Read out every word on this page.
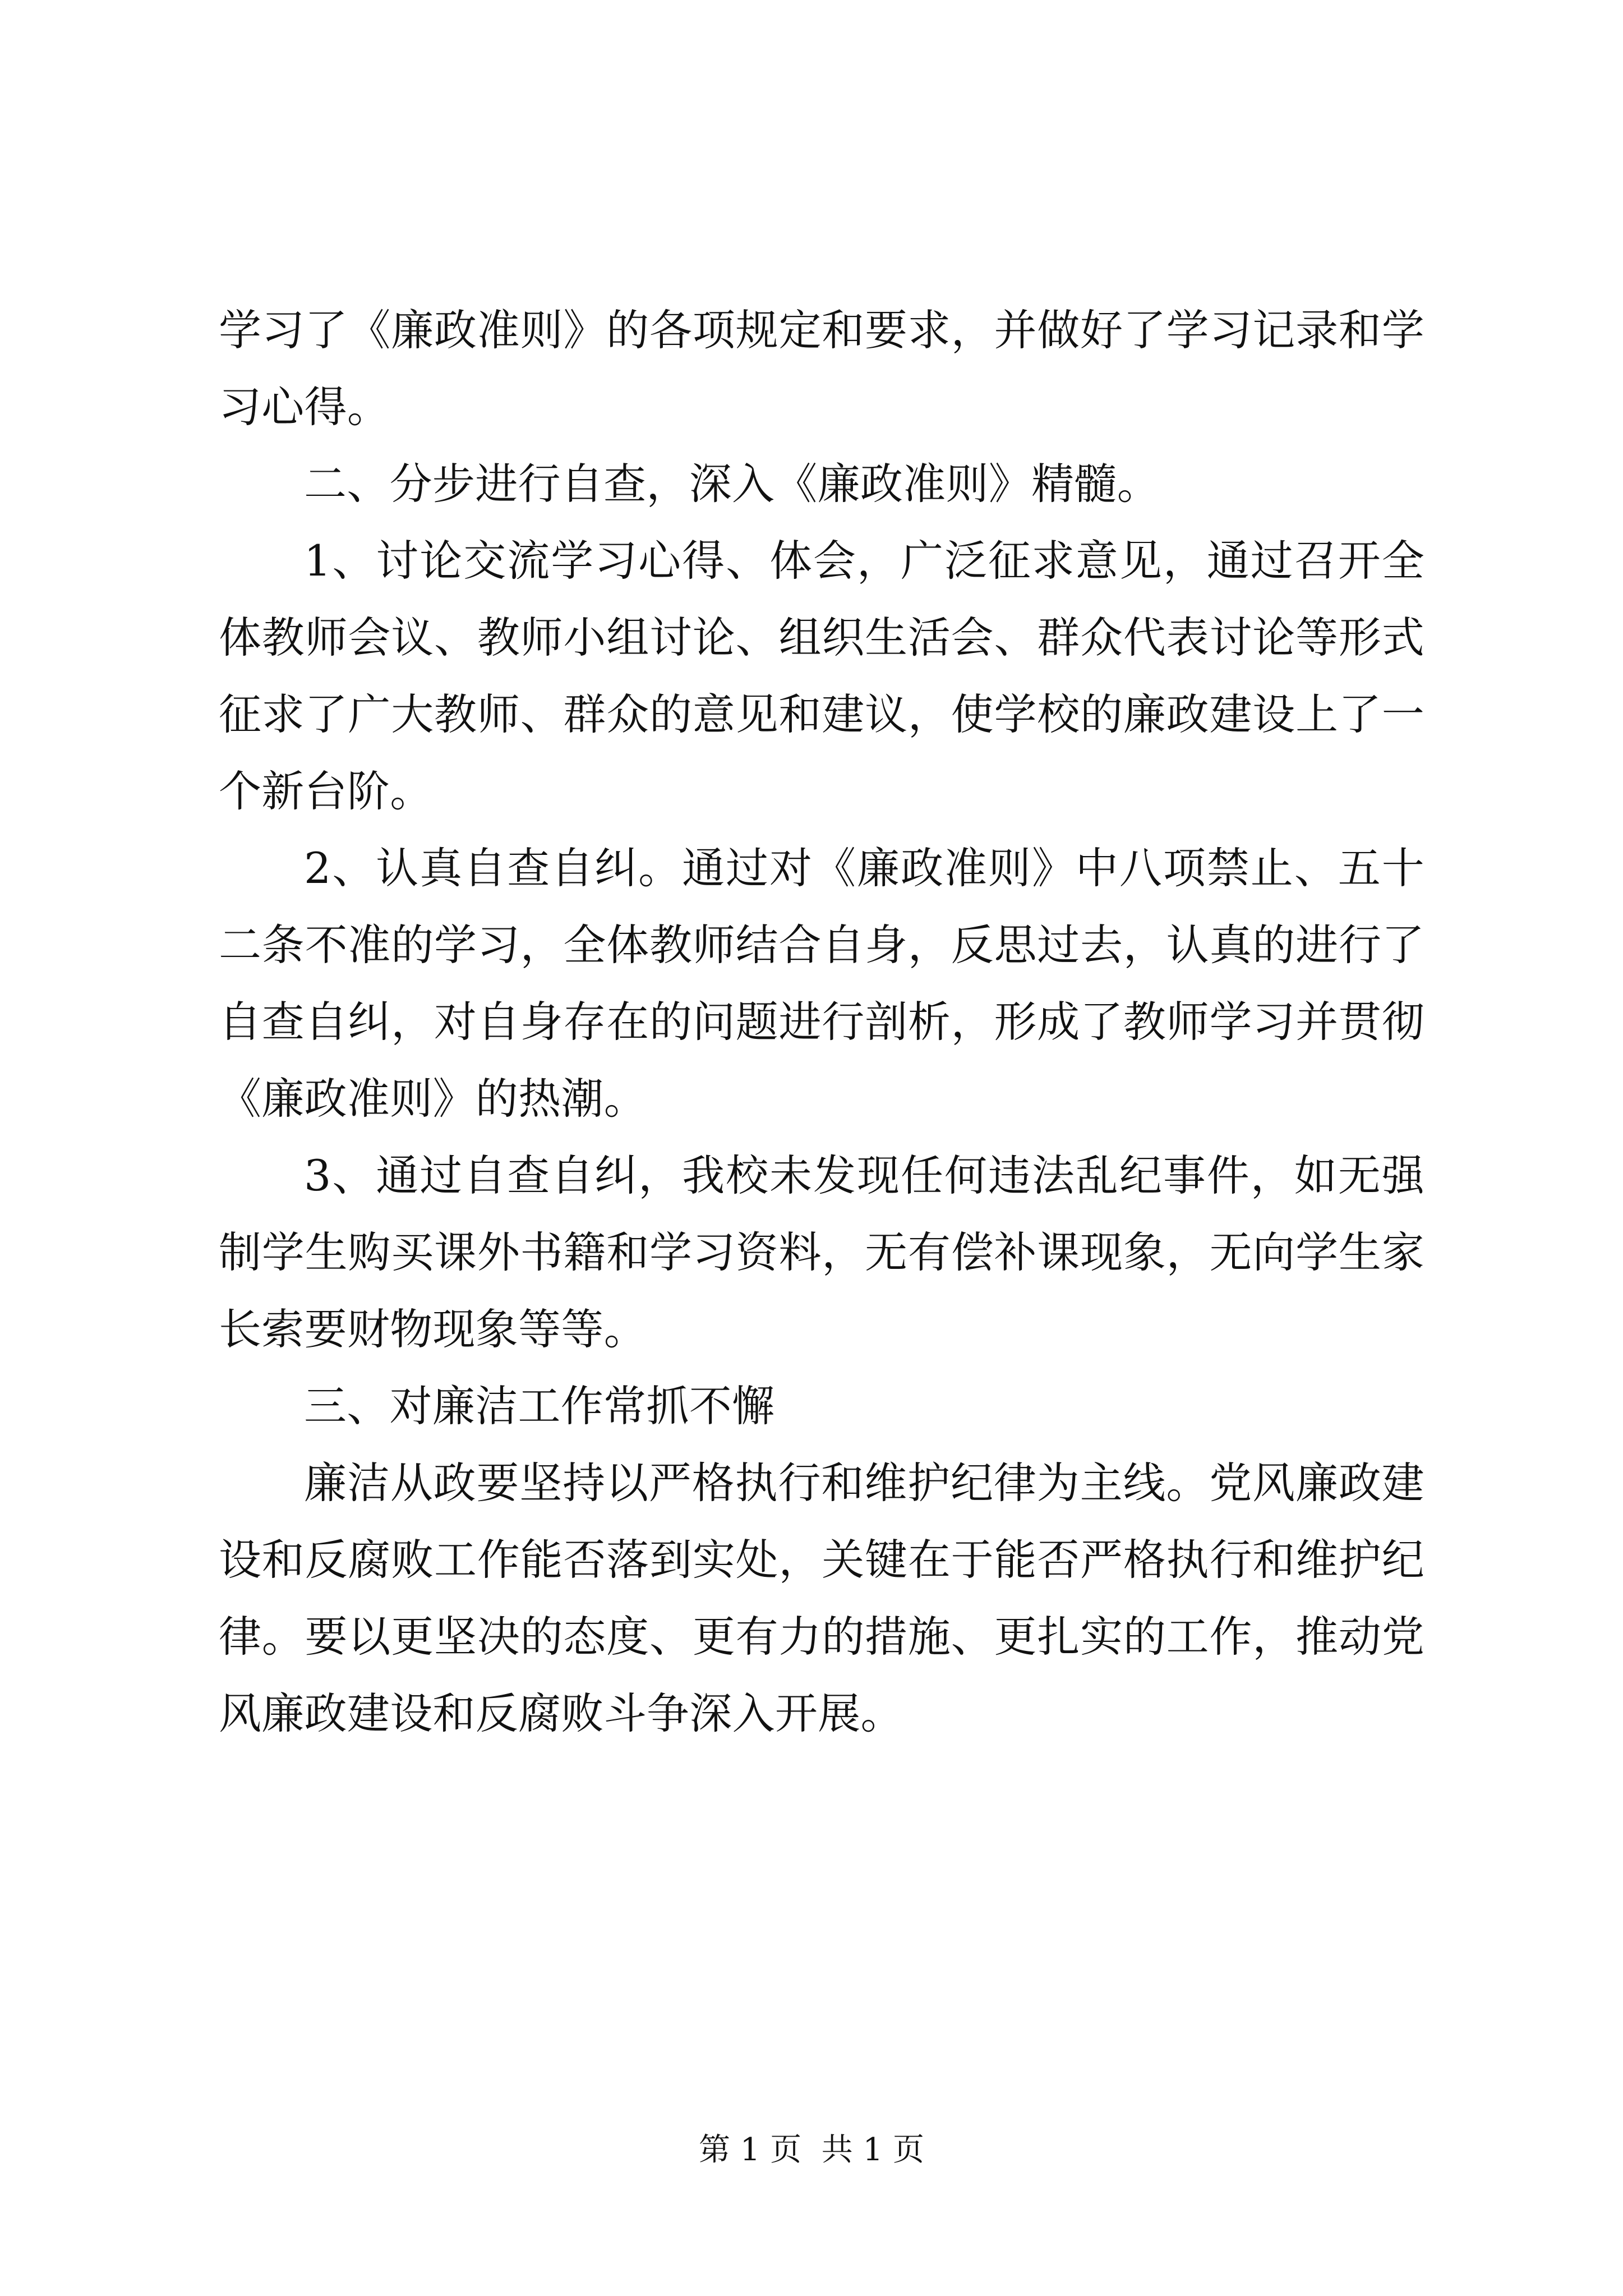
学习了《廉政准则》的各项规定和要求，并做好了学习记录和学习心得。

二、分步进行自查，深入《廉政准则》精髓。

1、讨论交流学习心得、体会，广泛征求意见，通过召开全体教师会议、教师小组讨论、组织生活会、群众代表讨论等形式征求了广大教师、群众的意见和建议，使学校的廉政建设上了一个新台阶。

2、认真自查自纠。通过对《廉政准则》中八项禁止、五十二条不准的学习，全体教师结合自身，反思过去，认真的进行了自查自纠，对自身存在的问题进行剖析，形成了教师学习并贯彻《廉政准则》的热潮。

3、通过自查自纠，我校未发现任何违法乱纪事件，如无强制学生购买课外书籍和学习资料，无有偿补课现象，无向学生家长索要财物现象等等。

三、对廉洁工作常抓不懈

廉洁从政要坚持以严格执行和维护纪律为主线。党风廉政建设和反腐败工作能否落到实处，关键在于能否严格执行和维护纪律。要以更坚决的态度、更有力的措施、更扎实的工作，推动党风廉政建设和反腐败斗争深入开展。

第 1 页  共 1 页
